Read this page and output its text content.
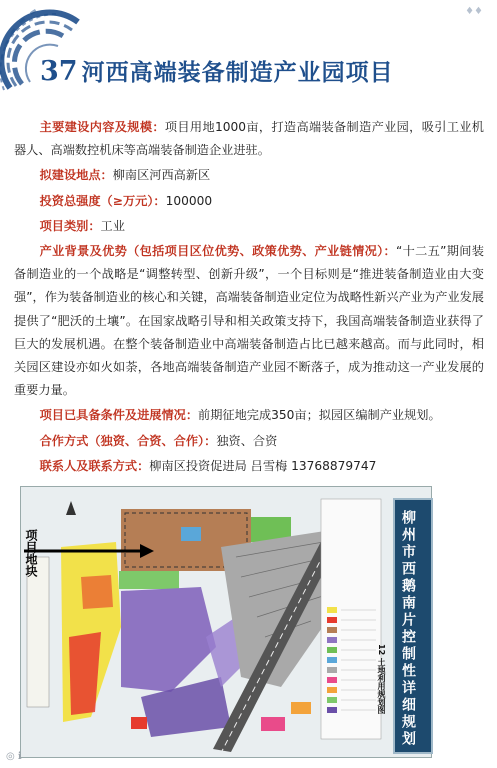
♦♦
37 河西高端装备制造产业园项目

主要建设内容及规模：项目用地1000亩，打造高端装备制造产业园，吸引工业机器人、高端数控机床等高端装备制造企业进驻。

拟建设地点：柳南区河西高新区

投资总强度（≥万元）：100000

项目类别：工业

产业背景及优势（包括项目区位优势、政策优势、产业链情况）：“十二五”期间装备制造业的一个战略是“调整转型、创新升级”，一个目标则是“推进装备制造业由大变强”，作为装备制造业的核心和关键，高端装备制造业定位为战略性新兴产业为产业发展提供了“肥沃的土壤”。在国家战略引导和相关政策支持下，我国高端装备制造业获得了巨大的发展机遇。在整个装备制造业中高端装备制造占比已越来越高。而与此同时，相关园区建设亦如火如荼，各地高端装备制造产业园不断落子，成为推动这一产业发展的重要力量。

项目已具备条件及进展情况：前期征地完成350亩；拟园区编制产业规划。

合作方式（独资、合资、合作）：独资、合资

联系人及联系方式：柳南区投资促进局 吕雪梅 13768879747

项目地块	柳州市西鹅南片控制性详细规划
12 土地利用规划图
◎ ℹ
